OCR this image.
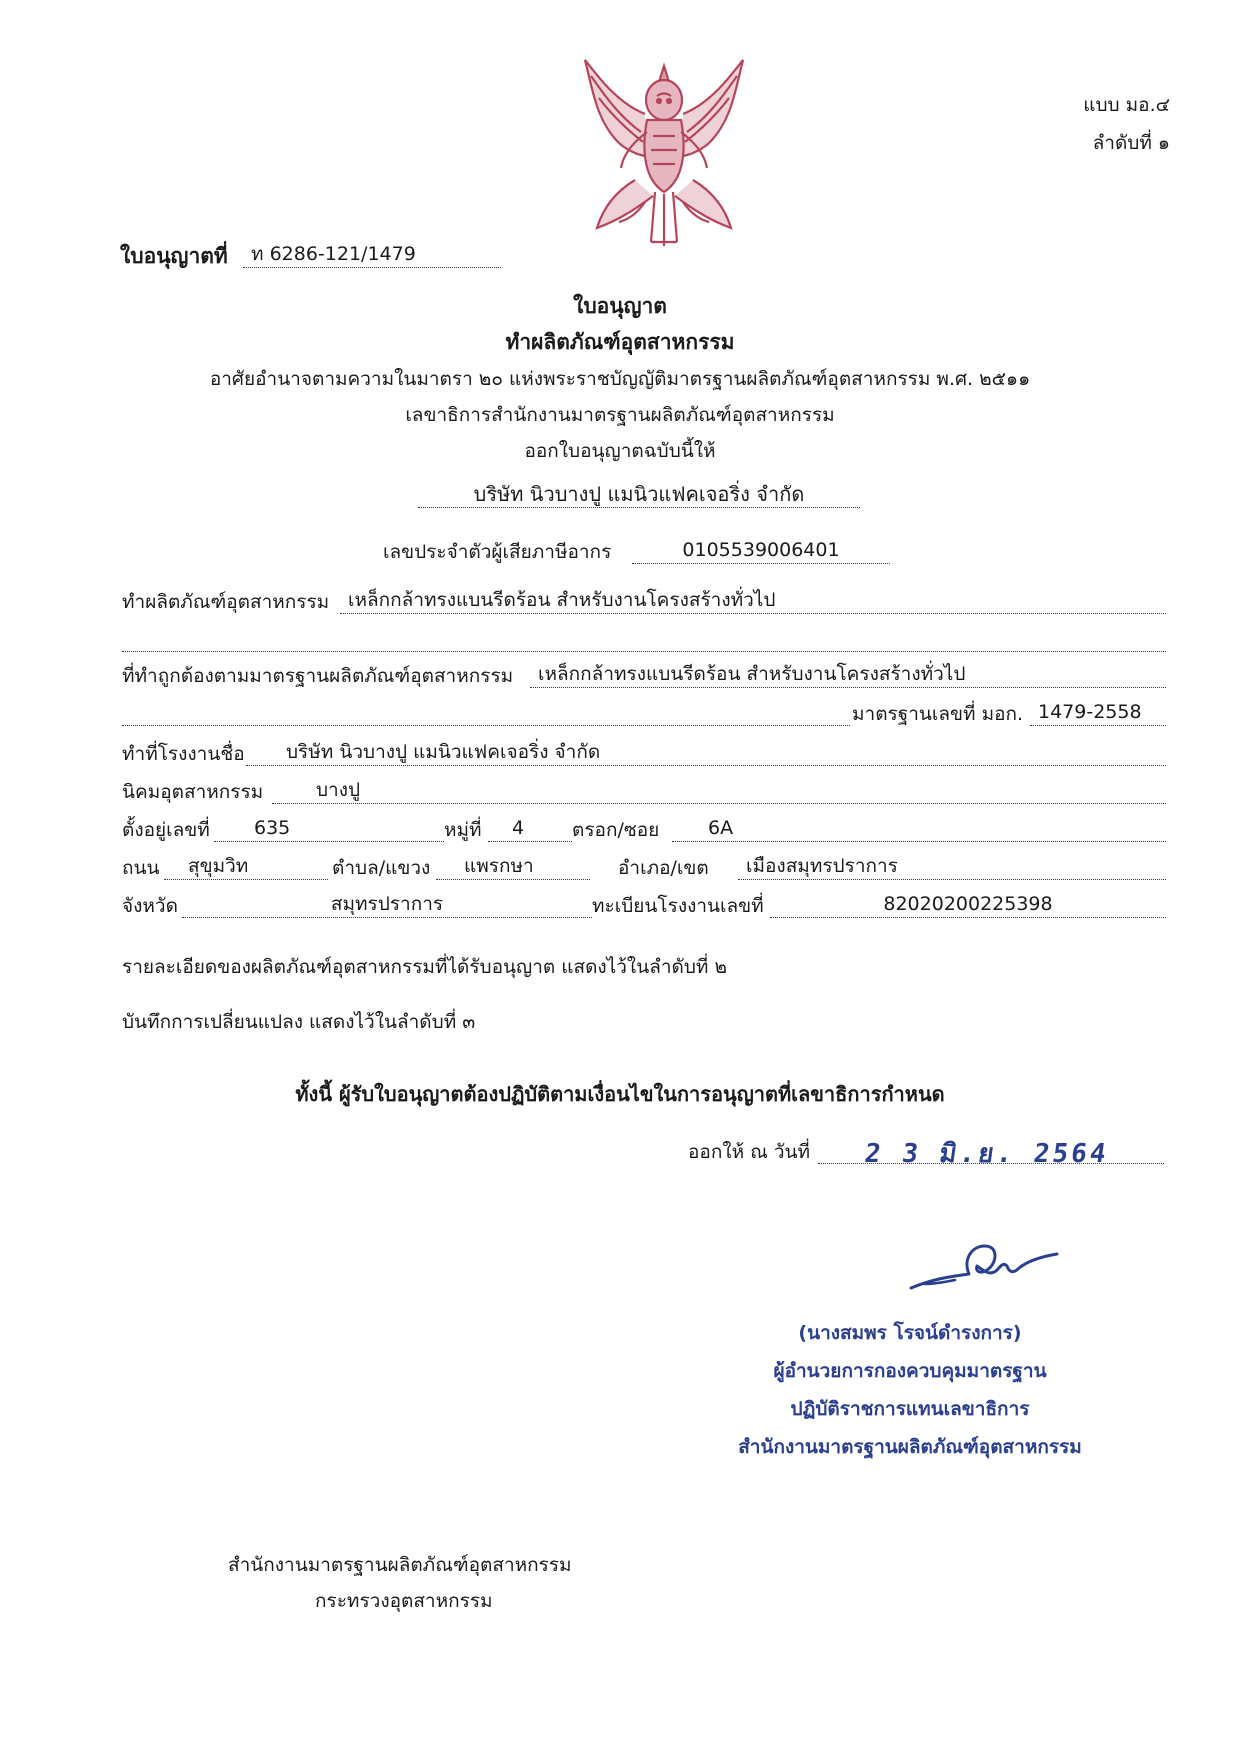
แบบ มอ.๔
ลำดับที่ ๑
ใบอนุญาตที่	ท 6286-121/1479
ใบอนุญาต
ทำผลิตภัณฑ์อุตสาหกรรม
อาศัยอำนาจตามความในมาตรา ๒๐ แห่งพระราชบัญญัติมาตรฐานผลิตภัณฑ์อุตสาหกรรม พ.ศ. ๒๕๑๑
เลขาธิการสำนักงานมาตรฐานผลิตภัณฑ์อุตสาหกรรม
ออกใบอนุญาตฉบับนี้ให้
บริษัท นิวบางปู แมนิวแฟคเจอริ่ง จำกัด
เลขประจำตัวผู้เสียภาษีอากร	0105539006401
ทำผลิตภัณฑ์อุตสาหกรรม เหล็กกล้าทรงแบนรีดร้อน สำหรับงานโครงสร้างทั่วไป
ที่ทำถูกต้องตามมาตรฐานผลิตภัณฑ์อุตสาหกรรม	เหล็กกล้าทรงแบนรีดร้อน สำหรับงานโครงสร้างทั่วไป
มาตรฐานเลขที่ มอก. 1479-2558
ทำที่โรงงานชื่อ	บริษัท นิวบางปู แมนิวแฟคเจอริ่ง จำกัด
นิคมอุตสาหกรรม	บางปู
ตั้งอยู่เลขที่	635	หมู่ที่	4	ตรอก/ซอย	6A
ถนน	สุขุมวิท	ตำบล/แขวง	แพรกษา	อำเภอ/เขต	เมืองสมุทรปราการ
จังหวัด	สมุทรปราการ	ทะเบียนโรงงานเลขที่	82020200225398
รายละเอียดของผลิตภัณฑ์อุตสาหกรรมที่ได้รับอนุญาต แสดงไว้ในลำดับที่ ๒
บันทึกการเปลี่ยนแปลง แสดงไว้ในลำดับที่ ๓
ทั้งนี้ ผู้รับใบอนุญาตต้องปฏิบัติตามเงื่อนไขในการอนุญาตที่เลขาธิการกำหนด
ออกให้ ณ วันที่ 2 3 มิ.ย. 2564
(นางสมพร โรจน์ดำรงการ)
ผู้อำนวยการกองควบคุมมาตรฐาน
ปฏิบัติราชการแทนเลขาธิการ
สำนักงานมาตรฐานผลิตภัณฑ์อุตสาหกรรม
สำนักงานมาตรฐานผลิตภัณฑ์อุตสาหกรรม
กระทรวงอุตสาหกรรม
